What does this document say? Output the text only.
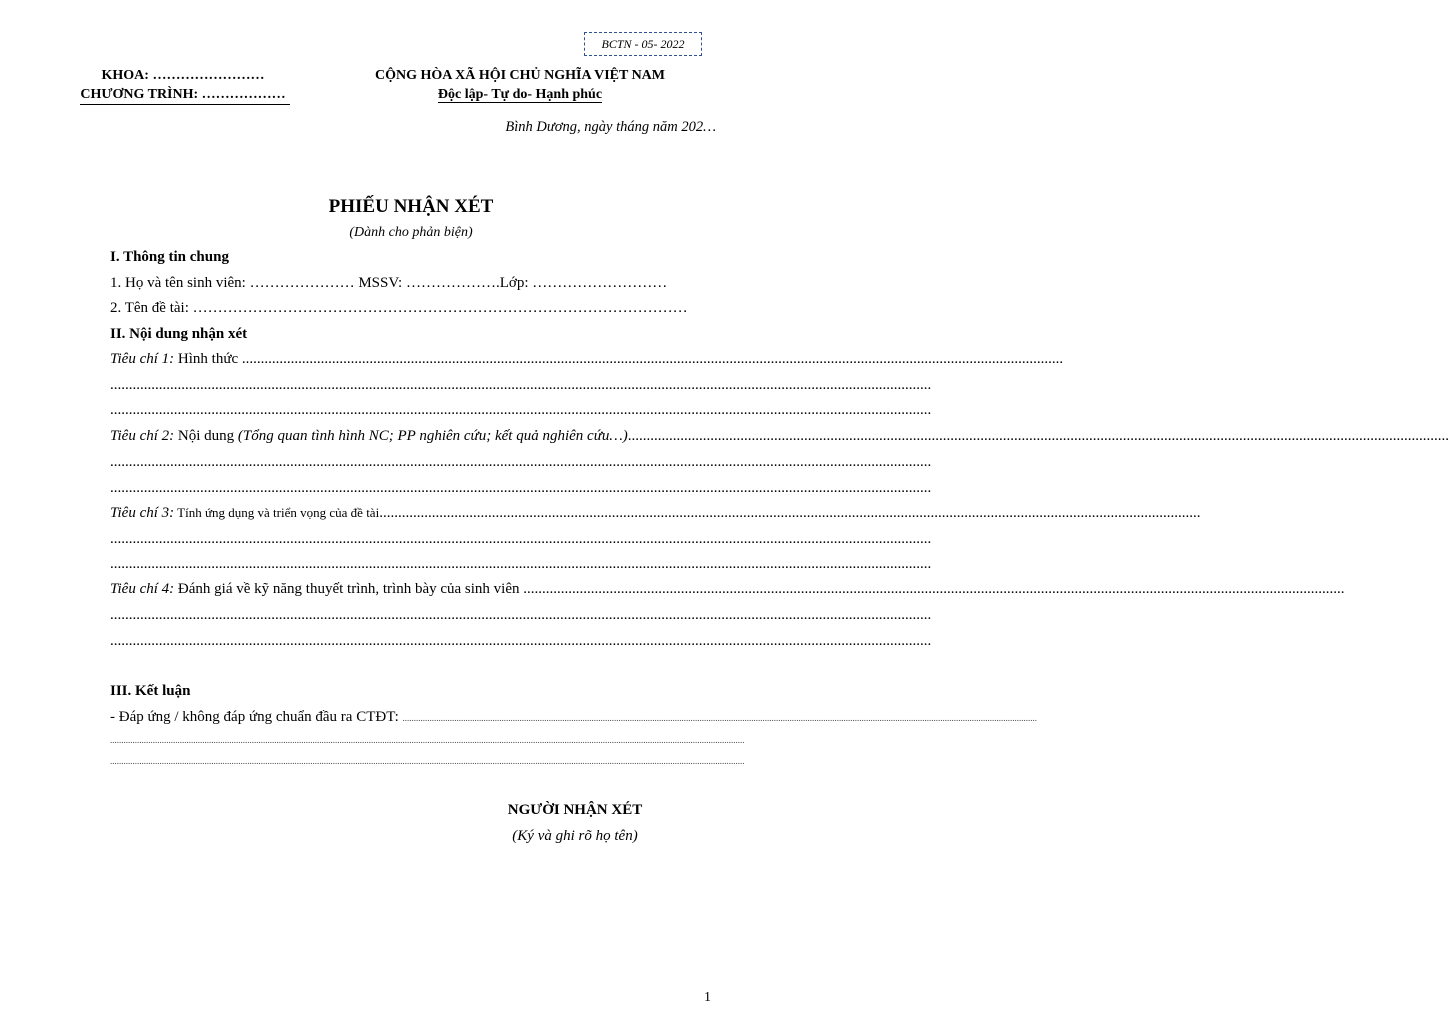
BCTN - 05- 2022
KHOA: ……………………
CHƯƠNG TRÌNH: ………………
CỘNG HÒA XÃ HỘI CHỦ NGHĨA VIỆT NAM
Độc lập- Tự do- Hạnh phúc
Bình Dương, ngày tháng năm 202…
PHIẾU NHẬN XÉT
(Dành cho phản biện)
I. Thông tin chung
1. Họ và tên sinh viên: ………………… MSSV: ……………….Lớp: ………………………
2. Tên đề tài: ………………………………………………………………………………………
II. Nội dung nhận xét
Tiêu chí 1: Hình thức ...........................................................................................................................................................................................................................
...........................................................................................................................................................................................................................
...........................................................................................................................................................................................................................
Tiêu chí 2: Nội dung (Tổng quan tình hình NC; PP nghiên cứu; kết quả nghiên cứu…)...........................................................................................................................................................................................................................
...........................................................................................................................................................................................................................
...........................................................................................................................................................................................................................
Tiêu chí 3: Tính ứng dụng và triển vọng của đề tài...........................................................................................................................................................................................................................
...........................................................................................................................................................................................................................
...........................................................................................................................................................................................................................
Tiêu chí 4: Đánh giá về kỹ năng thuyết trình, trình bày của sinh viên ...........................................................................................................................................................................................................................
...........................................................................................................................................................................................................................
...........................................................................................................................................................................................................................
III. Kết luận
- Đáp ứng / không đáp ứng chuẩn đầu ra CTĐT: ..........................................................................................................................................................................................................................................................................................
..........................................................................................................................................................................................................................................................................................
..........................................................................................................................................................................................................................................................................................
NGƯỜI NHẬN XÉT
(Ký và ghi rõ họ tên)
1
